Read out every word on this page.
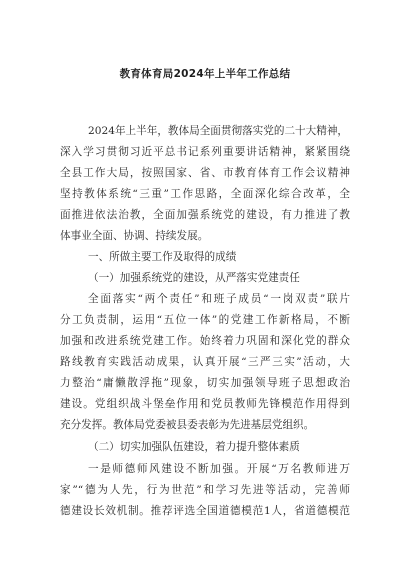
教育体育局2024年上半年工作总结
2024年上半年，教体局全面贯彻落实党的二十大精神，
深入学习贯彻习近平总书记系列重要讲话精神，紧紧围绕
全县工作大局，按照国家、省、市教育体育工作会议精神
坚持教体系统“三重”工作思路，全面深化综合改革，全
面推进依法治教，全面加强系统党的建设，有力推进了教
体事业全面、协调、持续发展。
一、所做主要工作及取得的成绩
（一）加强系统党的建设，从严落实党建责任
全面落实“两个责任”和班子成员“一岗双责”联片
分工负责制，运用“五位一体”的党建工作新格局，不断
加强和改进系统党建工作。始终着力巩固和深化党的群众
路线教育实践活动成果，认真开展“三严三实”活动，大
力整治“庸懒散浮拖”现象，切实加强领导班子思想政治
建设。党组织战斗堡垒作用和党员教师先锋模范作用得到
充分发挥。教体局党委被县委表彰为先进基层党组织。
（二）切实加强队伍建设，着力提升整体素质
一是师德师风建设不断加强。开展“万名教师进万
家”“德为人先，行为世范”和学习先进等活动，完善师
德建设长效机制。推荐评选全国道德模范1人，省道德模范
